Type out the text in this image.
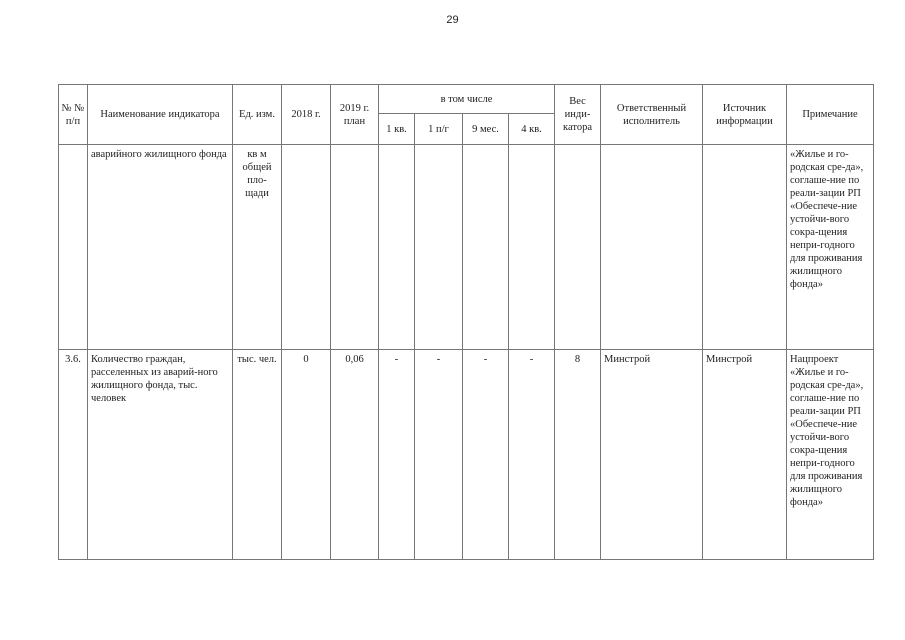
29
№ № п/п	Наименование индикатора	Ед. изм.	2018 г.	2019 г. план	в том числе				Вес инди-катора	Ответственный исполнитель	Источник информации	Примечание
					1 кв.	1 п/г	9 мес.	4 кв.				
	аварийного жилищного фонда	кв м общей пло-щади										«Жилье и го-родская сре-да», соглаше-ние по реали-зации РП «Обеспече-ние устойчи-вого сокра-щения непри-годного для проживания жилищного фонда»
3.6.	Количество граждан, расселенных из аварий-ного жилищного фонда, тыс. человек	тыс. чел.	0	0,06	-	-	-	-	8	Минстрой	Минстрой	Нацпроект «Жилье и го-родская сре-да», соглаше-ние по реали-зации РП «Обеспече-ние устойчи-вого сокра-щения непри-годного для проживания жилищного фонда»
